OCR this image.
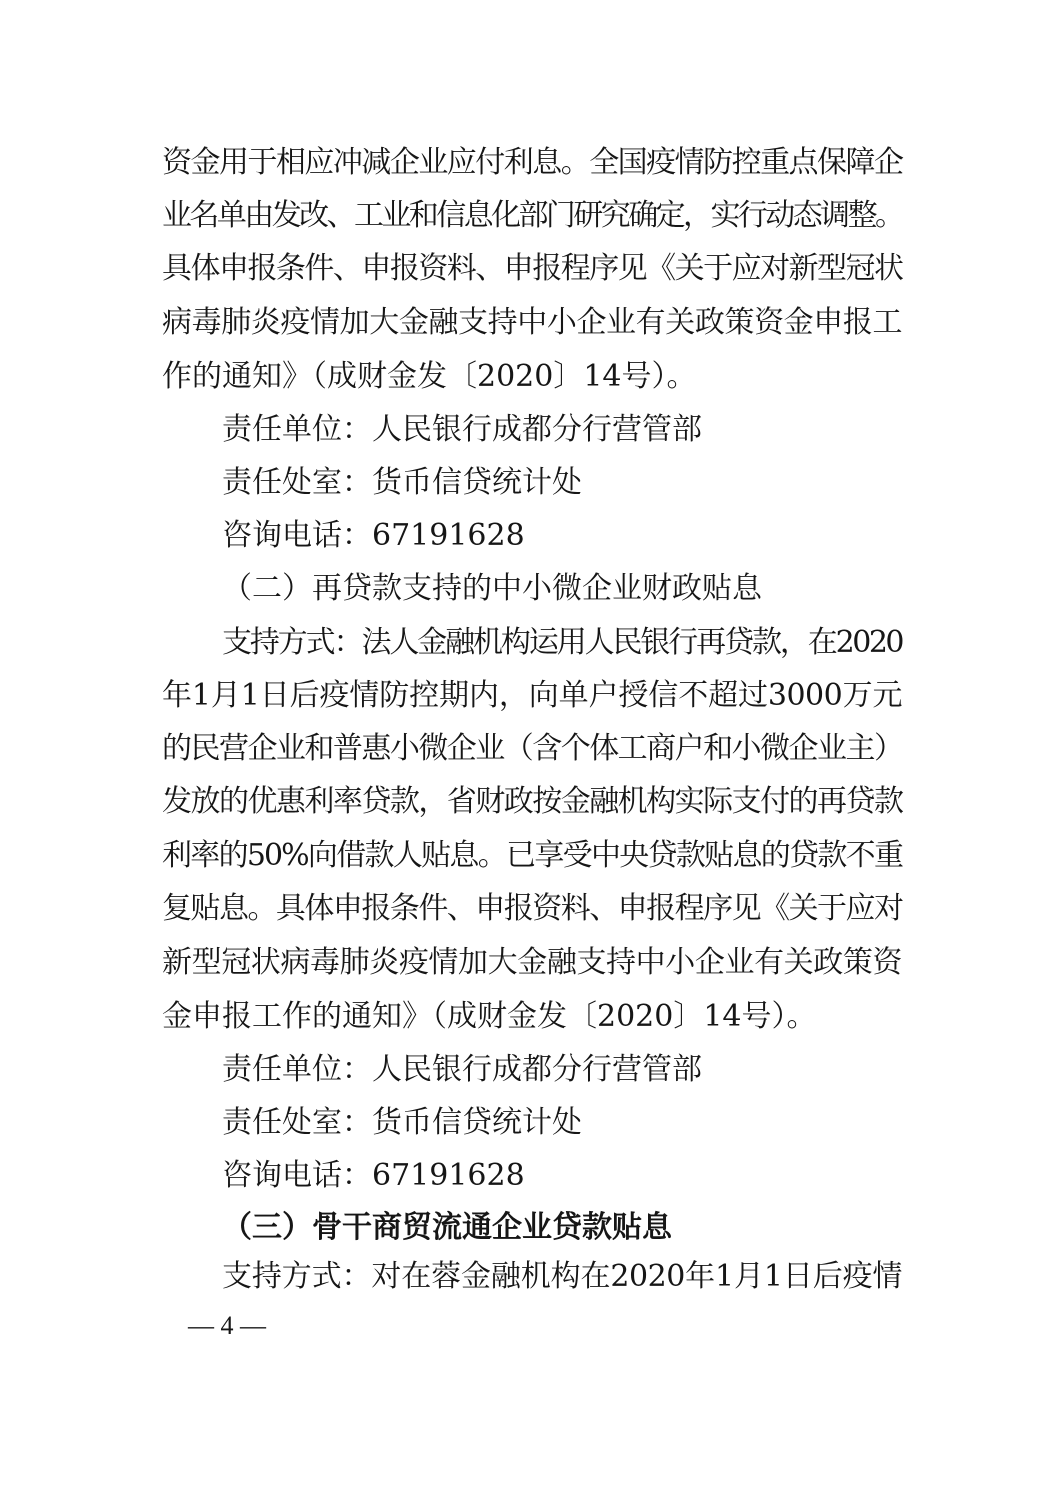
资金用于相应冲减企业应付利息。全国疫情防控重点保障企
业名单由发改、工业和信息化部门研究确定，实行动态调整。
具体申报条件、申报资料、申报程序见《关于应对新型冠状
病毒肺炎疫情加大金融支持中小企业有关政策资金申报工
作的通知》（成财金发〔2020〕14号）。
责任单位：人民银行成都分行营管部
责任处室：货币信贷统计处
咨询电话：67191628
（二）再贷款支持的中小微企业财政贴息
支持方式：法人金融机构运用人民银行再贷款，在2020
年1月1日后疫情防控期内，向单户授信不超过3000万元
的民营企业和普惠小微企业（含个体工商户和小微企业主）
发放的优惠利率贷款，省财政按金融机构实际支付的再贷款
利率的50%向借款人贴息。已享受中央贷款贴息的贷款不重
复贴息。具体申报条件、申报资料、申报程序见《关于应对
新型冠状病毒肺炎疫情加大金融支持中小企业有关政策资
金申报工作的通知》（成财金发〔2020〕14号）。
责任单位：人民银行成都分行营管部
责任处室：货币信贷统计处
咨询电话：67191628
（三）骨干商贸流通企业贷款贴息
支持方式：对在蓉金融机构在2020年1月1日后疫情
— 4 —
